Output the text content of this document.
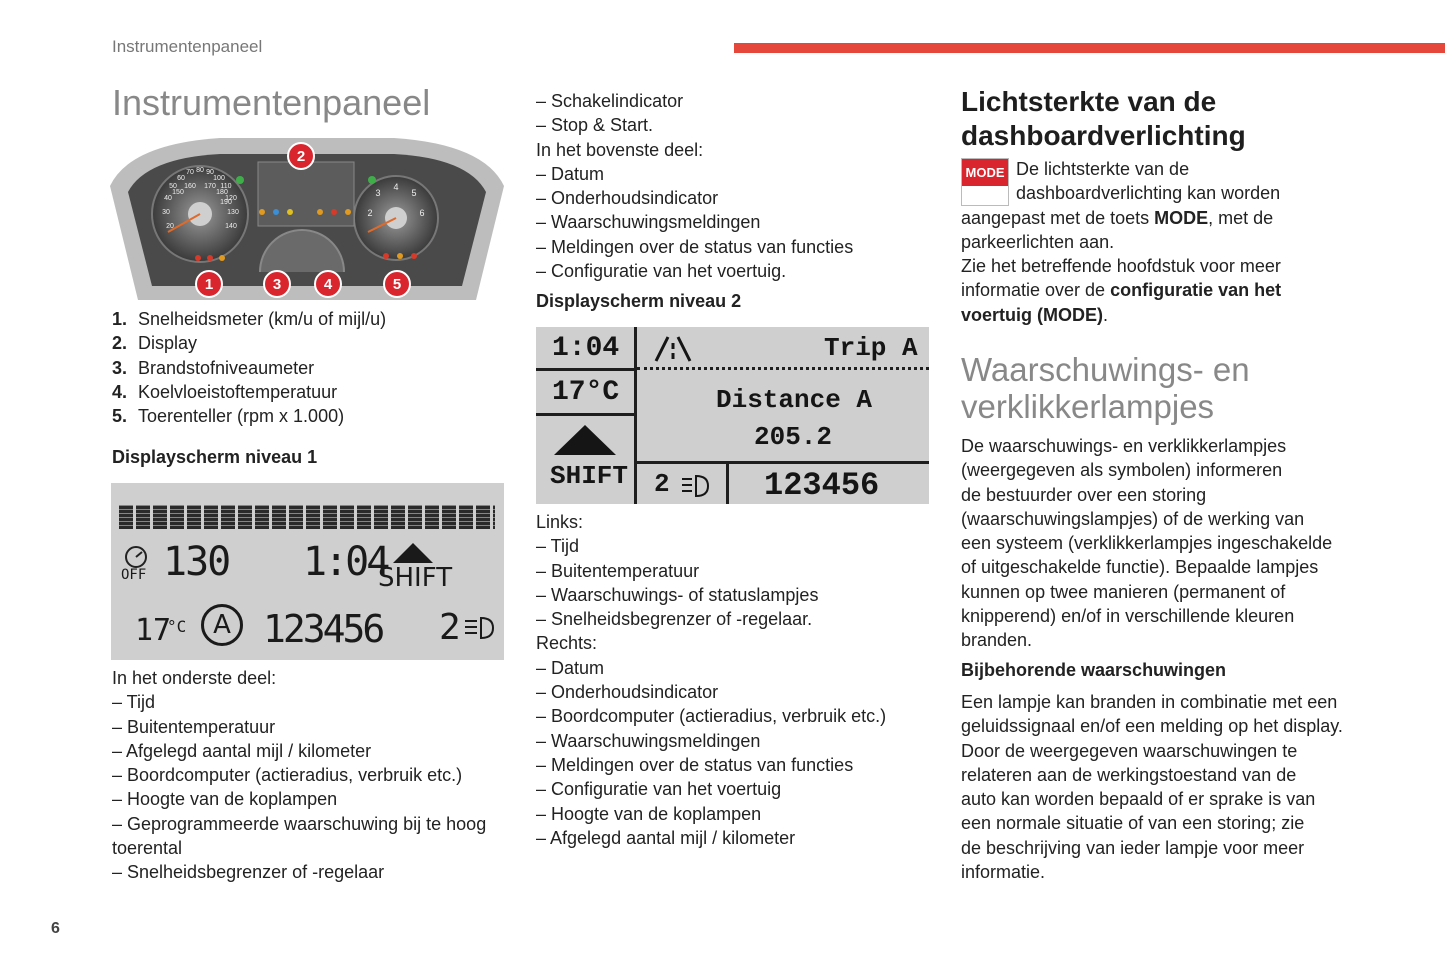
Instrumentenpaneel
Instrumentenpaneel
2
1	3	4	5
20
30
40
50
60
70 80 90
100
110
120
130
140
150
160 170
180
190
2
3
4
5
6
1. Snelheidsmeter (km/u of mijl/u)
2. Display
3. Brandstofniveaumeter
4. Koelvloeistoftemperatuur
5. Toerenteller (rpm x 1.000)
Displayscherm niveau 1
OFF 130 1:04
SHIFT
17
°C	A 123456 2
In het onderste deel:
– Tijd
– Buitentemperatuur
– Afgelegd aantal mijl / kilometer
– Boordcomputer (actieradius, verbruik etc.)
– Hoogte van de koplampen
– Geprogrammeerde waarschuwing bij te hoog
toerental
– Snelheidsbegrenzer of -regelaar
– Schakelindicator
– Stop & Start.
In het bovenste deel:
– Datum
– Onderhoudsindicator
– Waarschuwingsmeldingen
– Meldingen over de status van functies
– Configuratie van het voertuig.
Displayscherm niveau 2
1:04
17°C
Trip A
Distance A
205.2
SHIFT 2	123456
Links:
– Tijd
– Buitentemperatuur
– Waarschuwings- of statuslampjes
– Snelheidsbegrenzer of -regelaar.
Rechts:
– Datum
– Onderhoudsindicator
– Boordcomputer (actieradius, verbruik etc.)
– Waarschuwingsmeldingen
– Meldingen over de status van functies
– Configuratie van het voertuig
– Hoogte van de koplampen
– Afgelegd aantal mijl / kilometer
Lichtsterkte van de
dashboardverlichting
MODE De lichtsterkte van de
dashboardverlichting kan worden
aangepast met de toets MODE, met de
parkeerlichten aan.
Zie het betreffende hoofdstuk voor meer
informatie over de configuratie van het
voertuig (MODE).
Waarschuwings- en
verklikkerlampjes
De waarschuwings- en verklikkerlampjes
(weergegeven als symbolen) informeren
de bestuurder over een storing
(waarschuwingslampjes) of de werking van
een systeem (verklikkerlampjes ingeschakelde
of uitgeschakelde functie). Bepaalde lampjes
kunnen op twee manieren (permanent of
knipperend) en/of in verschillende kleuren
branden.
Bijbehorende waarschuwingen
Een lampje kan branden in combinatie met een
geluidssignaal en/of een melding op het display.
Door de weergegeven waarschuwingen te
relateren aan de werkingstoestand van de
auto kan worden bepaald of er sprake is van
een normale situatie of van een storing; zie
de beschrijving van ieder lampje voor meer
informatie.
6
